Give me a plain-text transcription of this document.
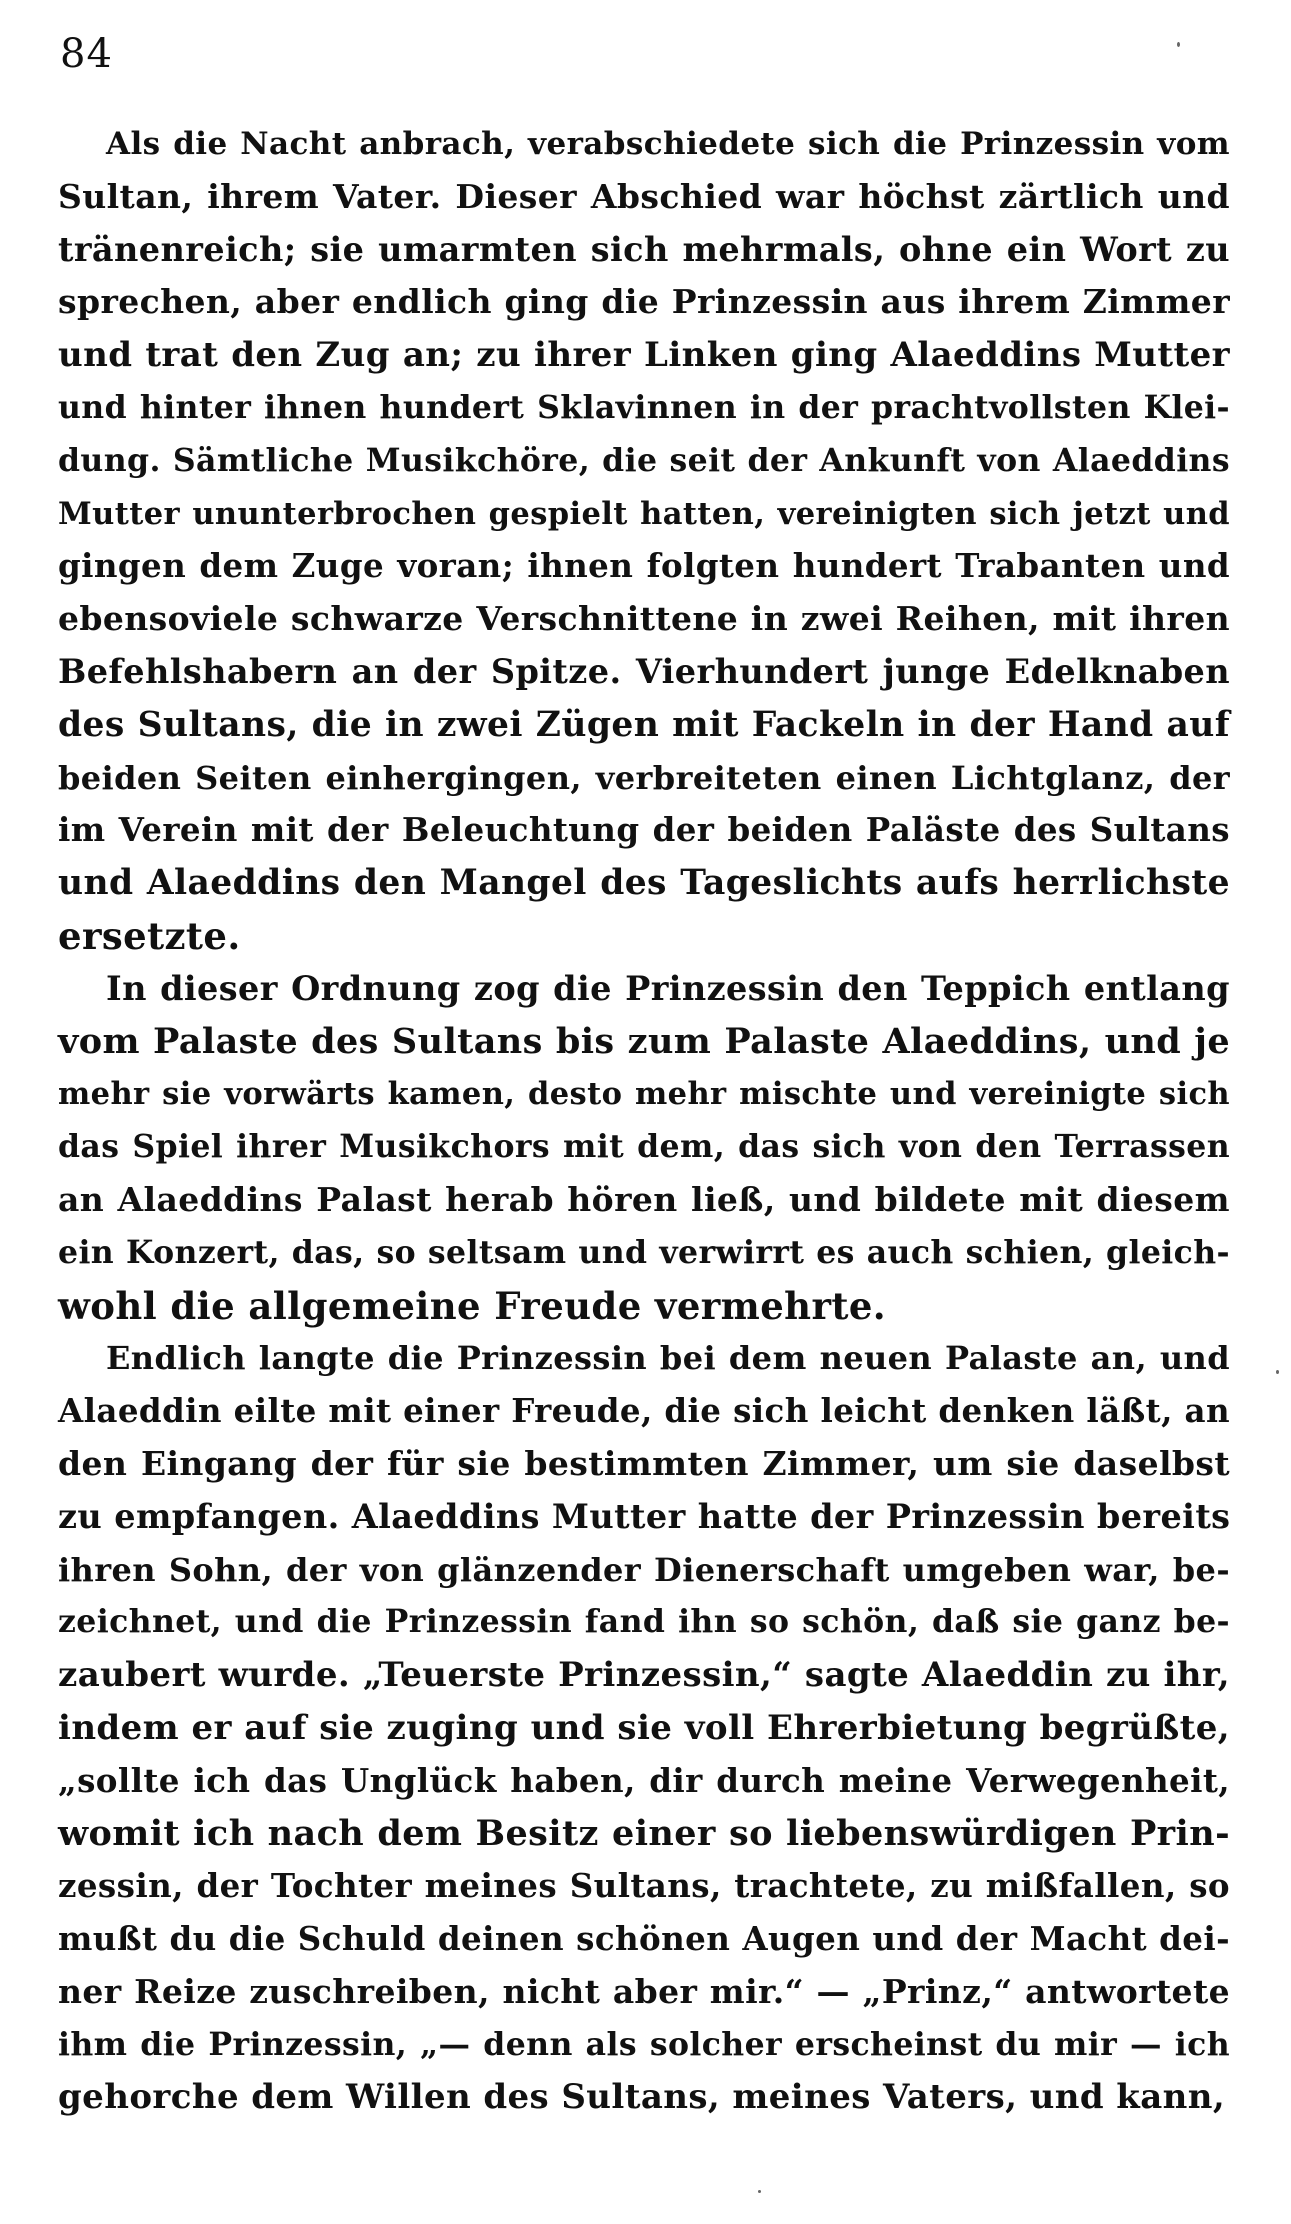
84
Als die Nacht anbrach, verabschiedete sich die Prinzessin vom
Sultan, ihrem Vater. Dieser Abschied war höchst zärtlich und
tränenreich; sie umarmten sich mehrmals, ohne ein Wort zu
sprechen, aber endlich ging die Prinzessin aus ihrem Zimmer
und trat den Zug an; zu ihrer Linken ging Alaeddins Mutter
und hinter ihnen hundert Sklavinnen in der prachtvollsten Klei-
dung. Sämtliche Musikchöre, die seit der Ankunft von Alaeddins
Mutter ununterbrochen gespielt hatten, vereinigten sich jetzt und
gingen dem Zuge voran; ihnen folgten hundert Trabanten und
ebensoviele schwarze Verschnittene in zwei Reihen, mit ihren
Befehlshabern an der Spitze. Vierhundert junge Edelknaben
des Sultans, die in zwei Zügen mit Fackeln in der Hand auf
beiden Seiten einhergingen, verbreiteten einen Lichtglanz, der
im Verein mit der Beleuchtung der beiden Paläste des Sultans
und Alaeddins den Mangel des Tageslichts aufs herrlichste
ersetzte.
In dieser Ordnung zog die Prinzessin den Teppich entlang
vom Palaste des Sultans bis zum Palaste Alaeddins, und je
mehr sie vorwärts kamen, desto mehr mischte und vereinigte sich
das Spiel ihrer Musikchors mit dem, das sich von den Terrassen
an Alaeddins Palast herab hören ließ, und bildete mit diesem
ein Konzert, das, so seltsam und verwirrt es auch schien, gleich-
wohl die allgemeine Freude vermehrte.
Endlich langte die Prinzessin bei dem neuen Palaste an, und
Alaeddin eilte mit einer Freude, die sich leicht denken läßt, an
den Eingang der für sie bestimmten Zimmer, um sie daselbst
zu empfangen. Alaeddins Mutter hatte der Prinzessin bereits
ihren Sohn, der von glänzender Dienerschaft umgeben war, be-
zeichnet, und die Prinzessin fand ihn so schön, daß sie ganz be-
zaubert wurde. „Teuerste Prinzessin,“ sagte Alaeddin zu ihr,
indem er auf sie zuging und sie voll Ehrerbietung begrüßte,
„sollte ich das Unglück haben, dir durch meine Verwegenheit,
womit ich nach dem Besitz einer so liebenswürdigen Prin-
zessin, der Tochter meines Sultans, trachtete, zu mißfallen, so
mußt du die Schuld deinen schönen Augen und der Macht dei-
ner Reize zuschreiben, nicht aber mir.“ — „Prinz,“ antwortete
ihm die Prinzessin, „— denn als solcher erscheinst du mir — ich
gehorche dem Willen des Sultans, meines Vaters, und kann,
